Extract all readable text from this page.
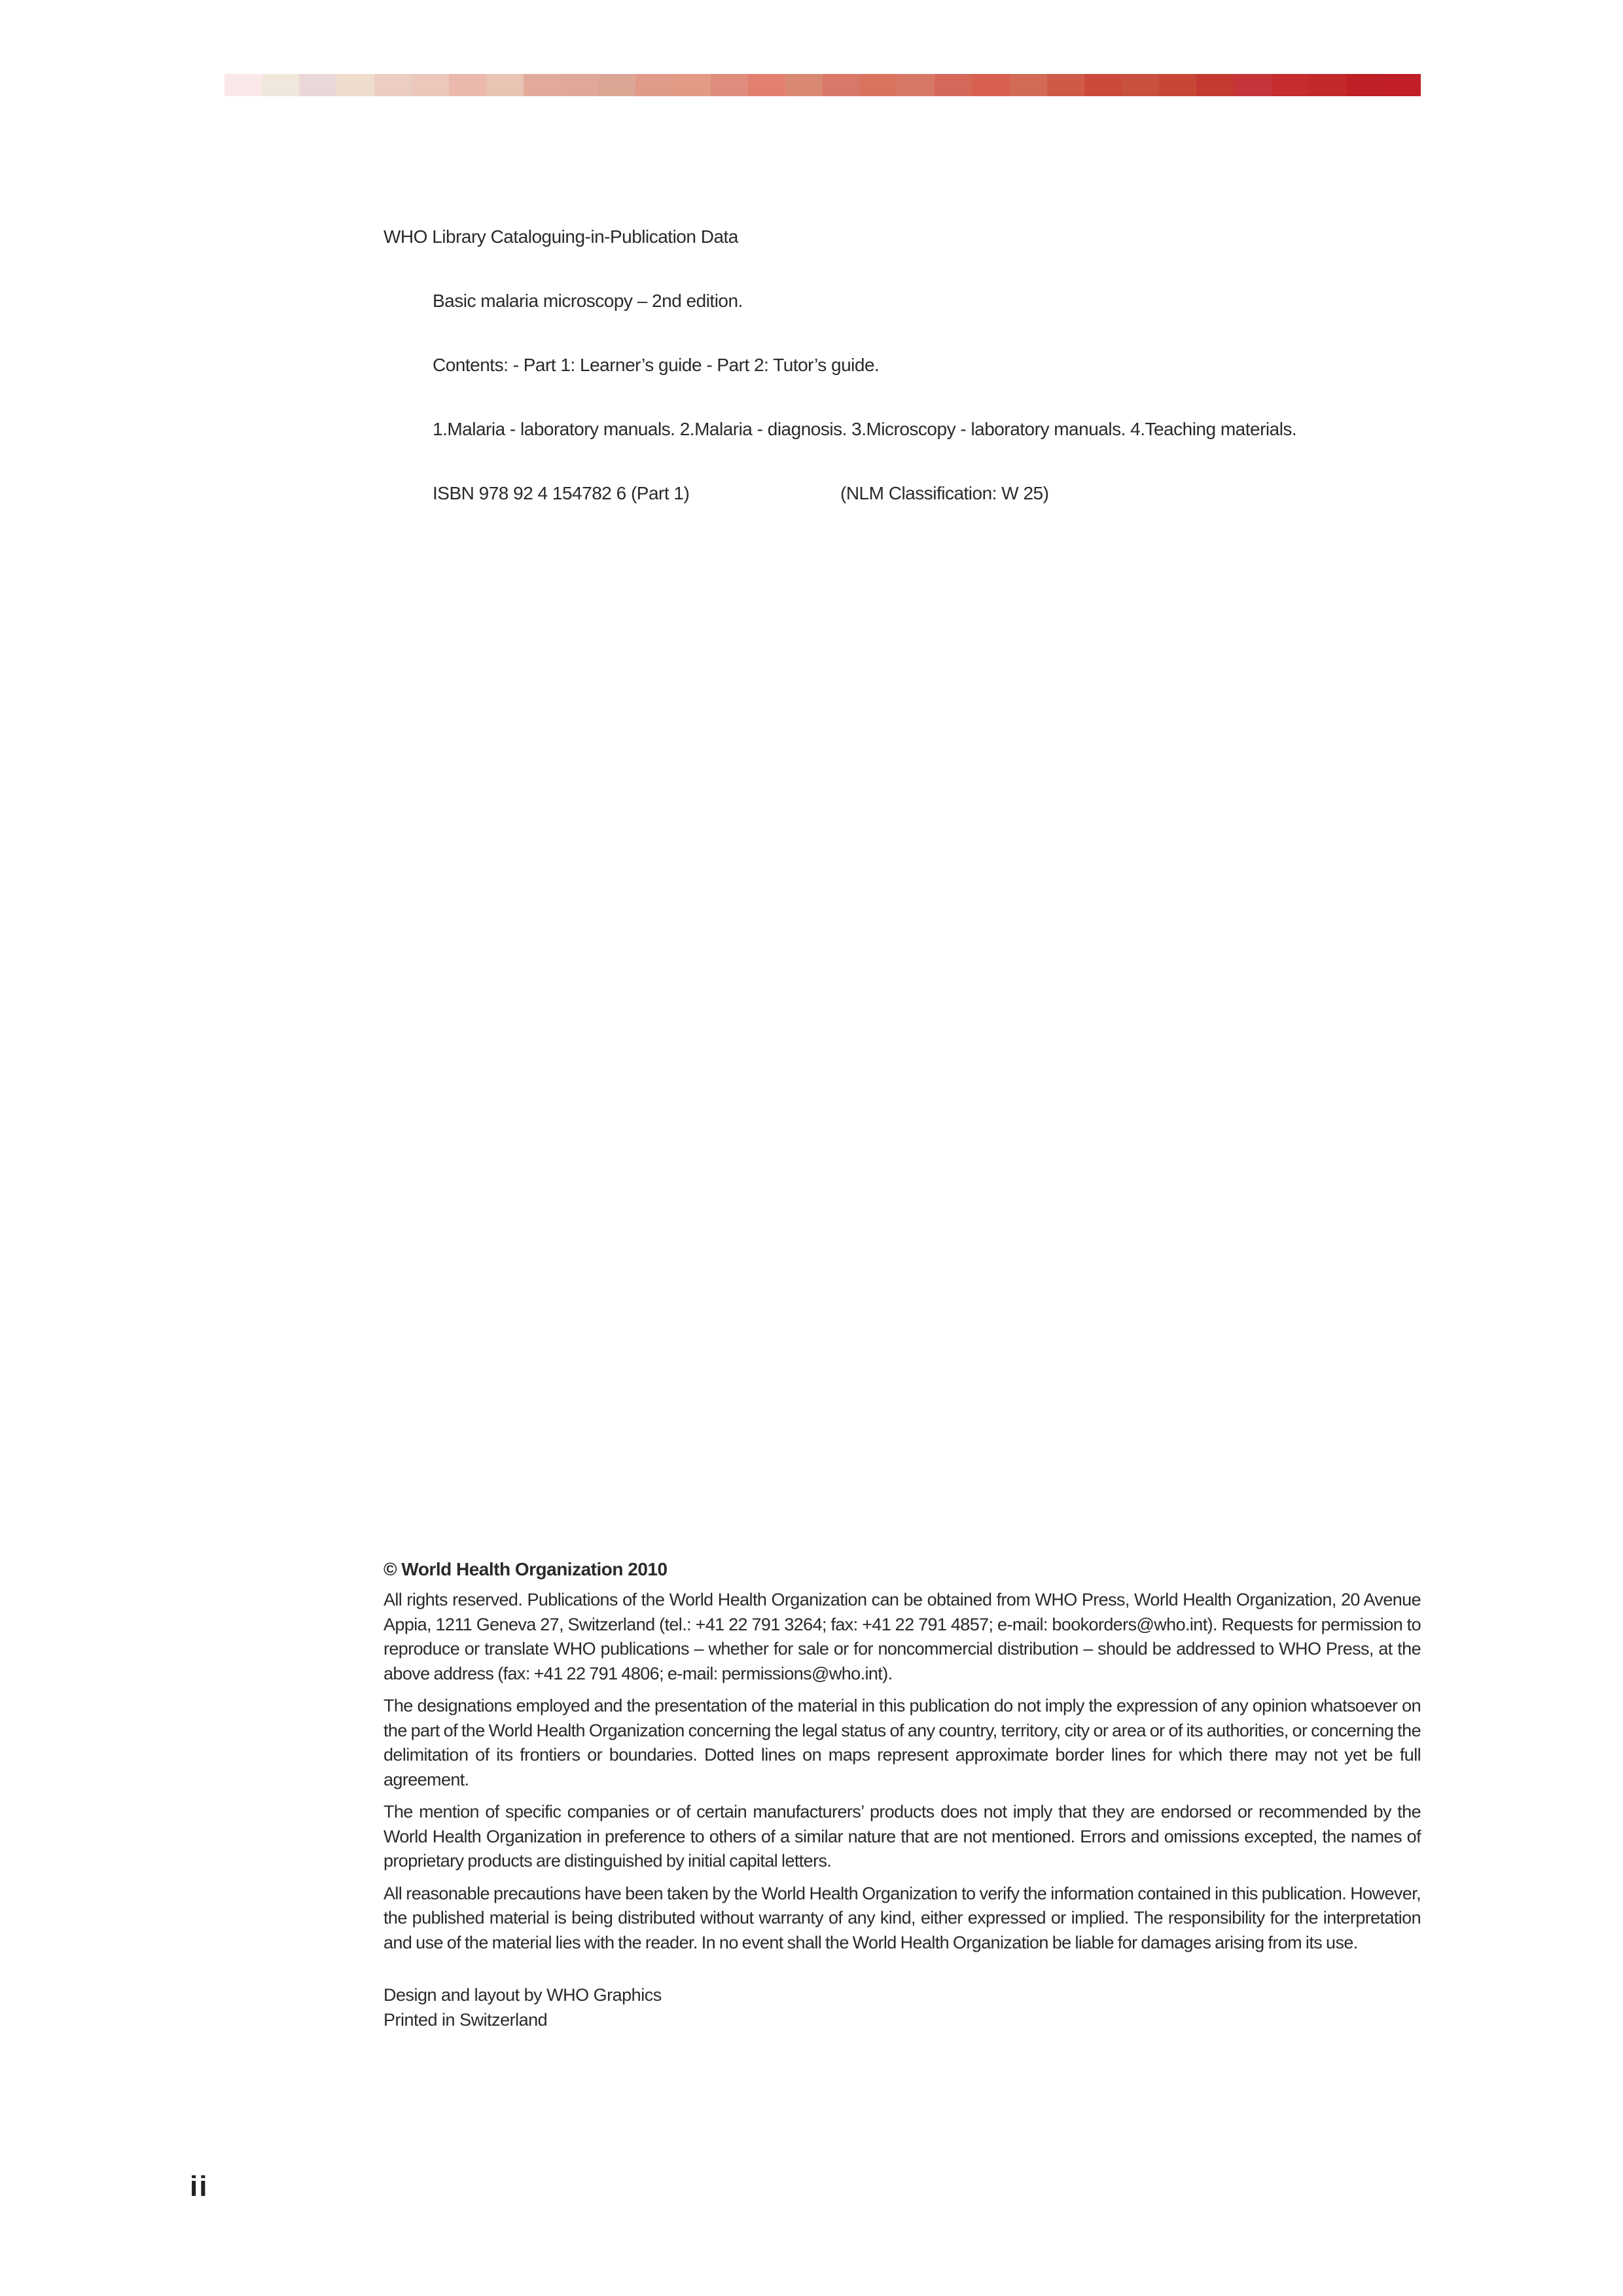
WHO Library Cataloguing-in-Publication Data

Basic malaria microscopy – 2nd edition.

Contents: - Part 1: Learner’s guide - Part 2: Tutor’s guide.

1.Malaria - laboratory manuals. 2.Malaria - diagnosis. 3.Microscopy - laboratory manuals. 4.Teaching materials.

ISBN 978 92 4 154782 6 (Part 1)	(NLM Classification: W 25)

© World Health Organization 2010

All rights reserved. Publications of the World Health Organization can be obtained from WHO Press, World Health Organization, 20 Avenue Appia, 1211 Geneva 27, Switzerland (tel.: +41 22 791 3264; fax: +41 22 791 4857; e-mail: bookorders@who.int). Requests for permission to reproduce or translate WHO publications – whether for sale or for noncommercial distribution – should be addressed to WHO Press, at the above address (fax: +41 22 791 4806; e-mail: permissions@who.int).

The designations employed and the presentation of the material in this publication do not imply the expression of any opinion whatsoever on the part of the World Health Organization concerning the legal status of any country, territory, city or area or of its authorities, or concerning the delimitation of its frontiers or boundaries. Dotted lines on maps represent approximate border lines for which there may not yet be full agreement.

The mention of specific companies or of certain manufacturers’ products does not imply that they are endorsed or recommended by the World Health Organization in preference to others of a similar nature that are not mentioned. Errors and omissions excepted, the names of proprietary products are distinguished by initial capital letters.

All reasonable precautions have been taken by the World Health Organization to verify the information contained in this publication. However, the published material is being distributed without warranty of any kind, either expressed or implied. The responsibility for the interpretation and use of the material lies with the reader. In no event shall the World Health Organization be liable for damages arising from its use.

Design and layout by WHO Graphics
Printed in Switzerland
ii
